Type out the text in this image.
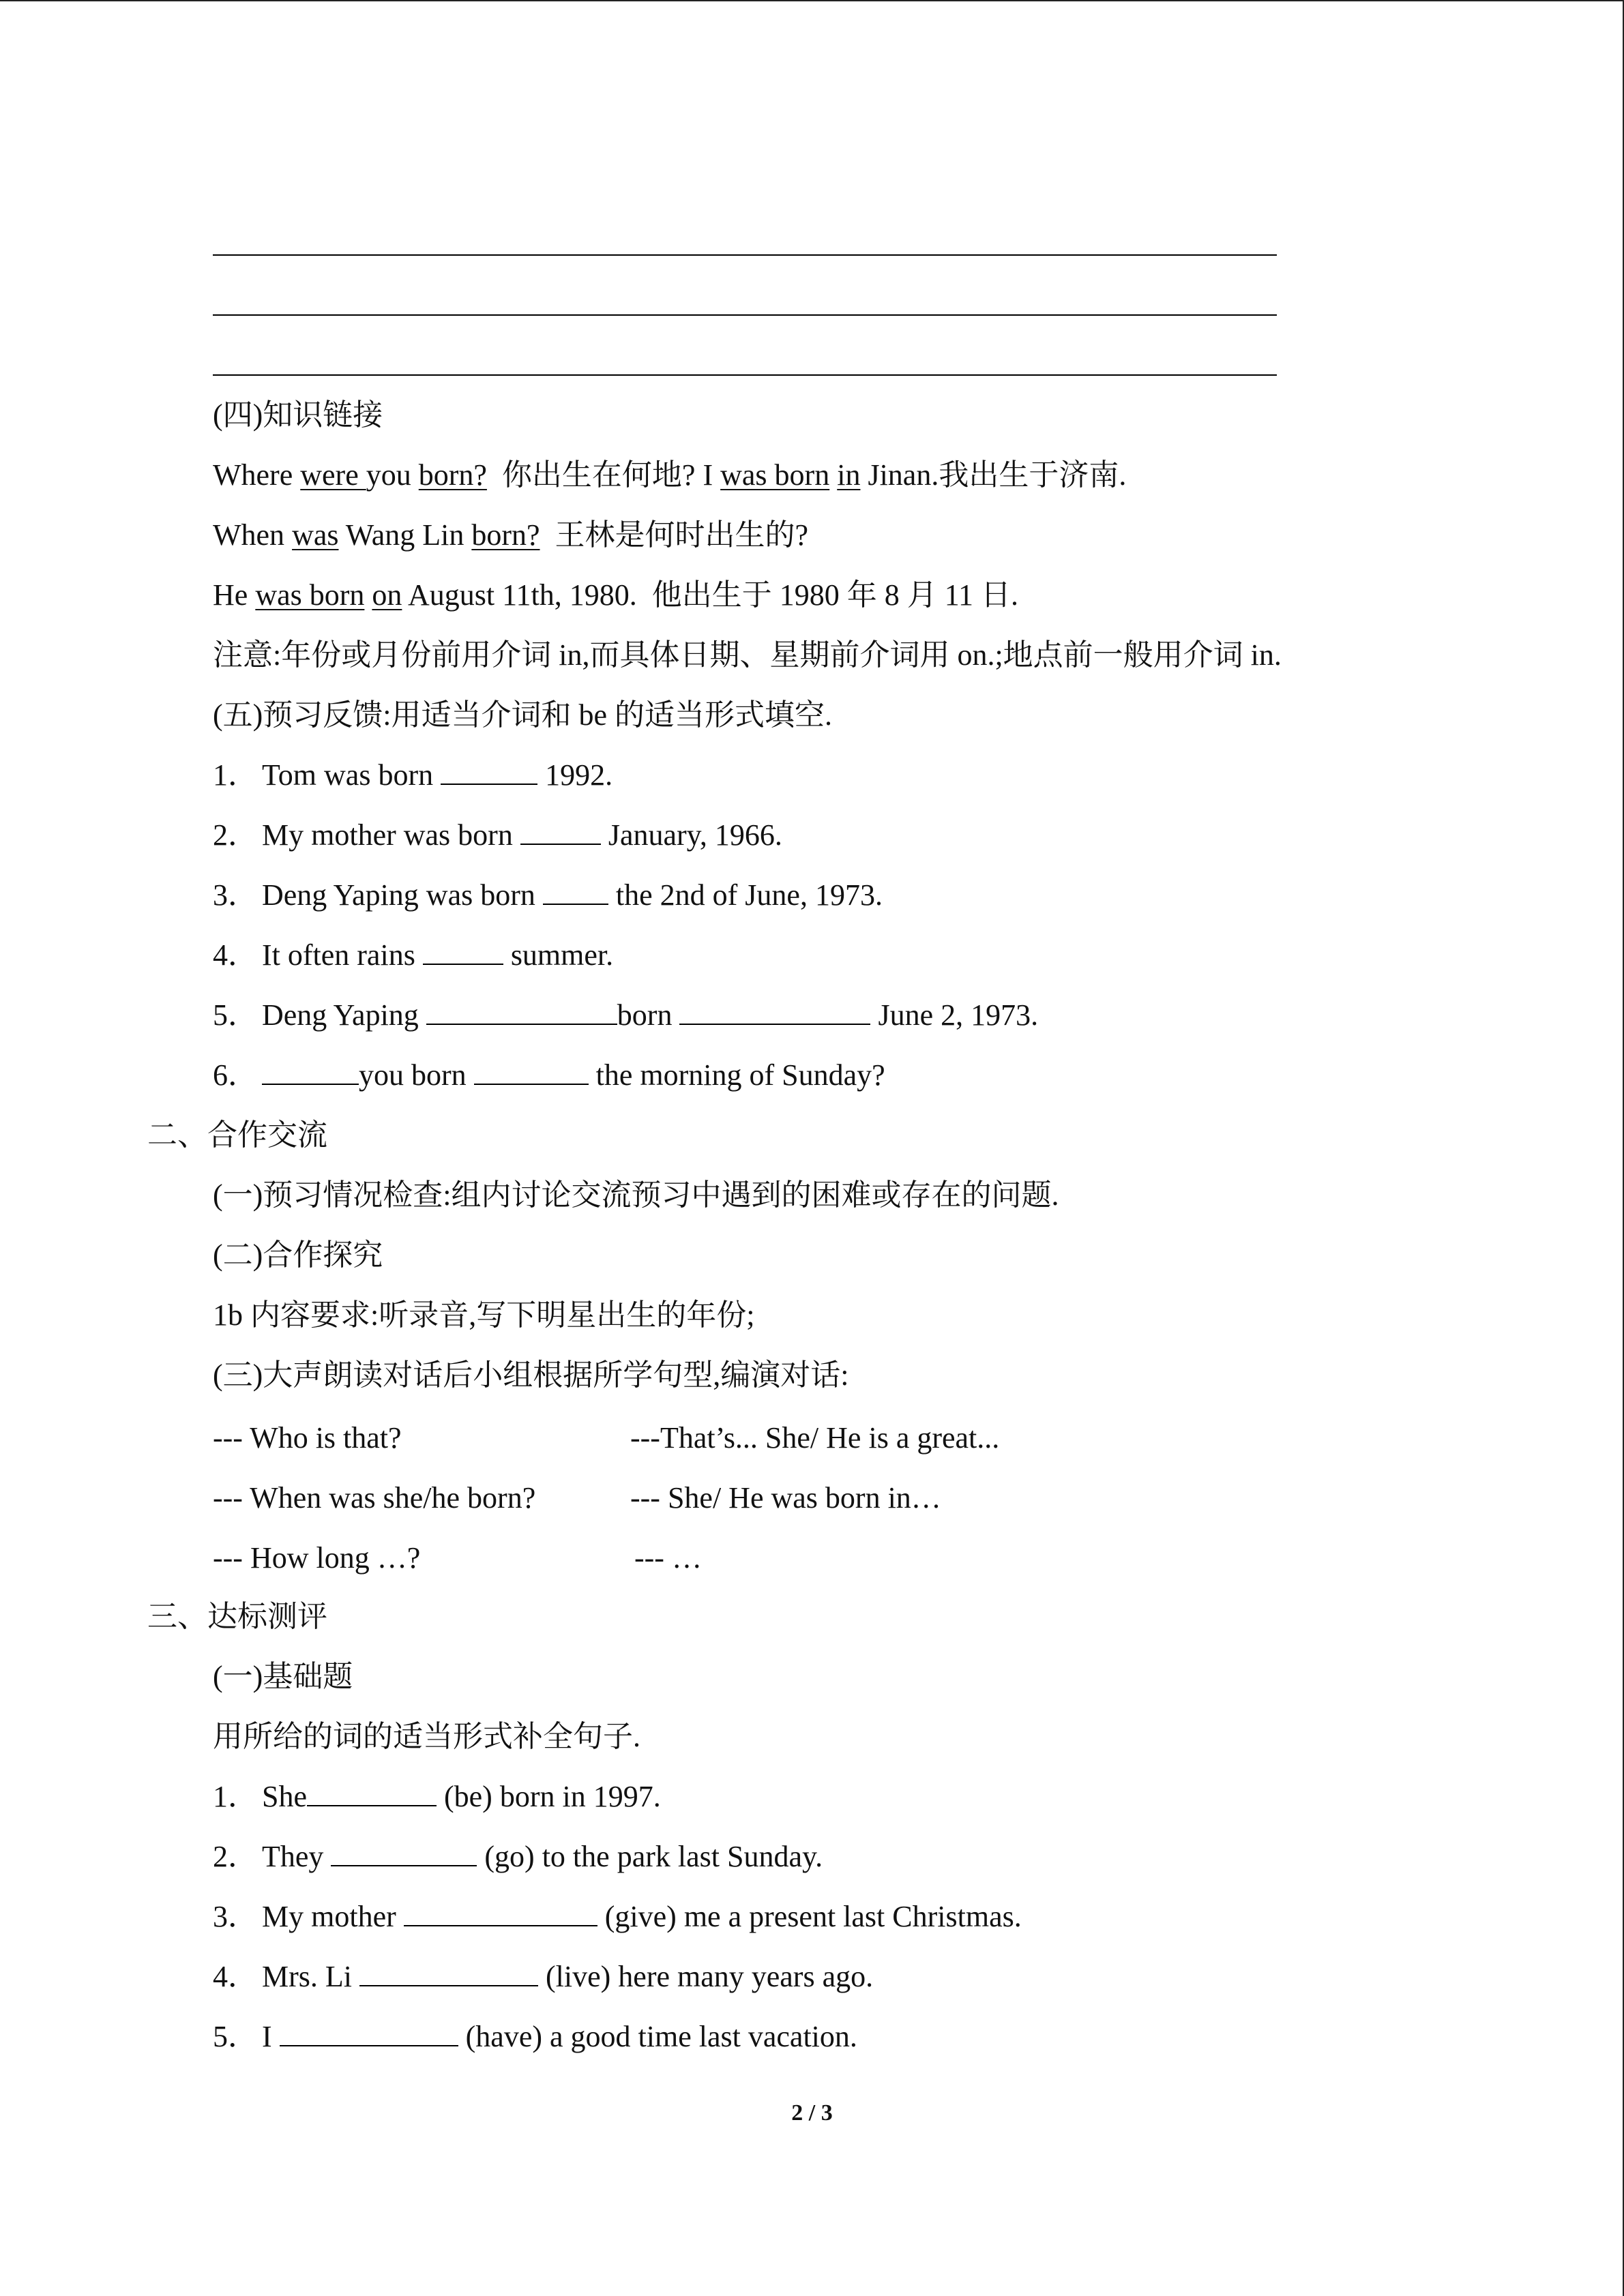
(四)知识链接
Where were you born?  你出生在何地? I was born in Jinan.我出生于济南.
When was Wang Lin born?  王林是何时出生的?
He was born on August 11th, 1980.  他出生于 1980 年 8 月 11 日.
注意:年份或月份前用介词 in,而具体日期、星期前介词用 on.;地点前一般用介词 in.
(五)预习反馈:用适当介词和 be 的适当形式填空.
1． Tom was born	1992.
2． My mother was born	January, 1966.
3． Deng Yaping was born  the 2nd of June, 1973.
4． It often rains	summer.
5． Deng Yaping	born	June 2, 1973.
6．	you born	the morning of Sunday?
二、合作交流
(一)预习情况检查:组内讨论交流预习中遇到的困难或存在的问题.
(二)合作探究
1b 内容要求:听录音,写下明星出生的年份;
(三)大声朗读对话后小组根据所学句型,编演对话:
--- Who is that?	---That’s... She/ He is a great...
--- When was she/he born?	--- She/ He was born in…
--- How long …?	--- …
三、达标测评
(一)基础题
用所给的词的适当形式补全句子.
1． She	(be) born in 1997.
2． They	(go) to the park last Sunday.
3． My mother	(give) me a present last Christmas.
4． Mrs. Li	(live) here many years ago.
5． I	(have) a good time last vacation.
2 / 3
